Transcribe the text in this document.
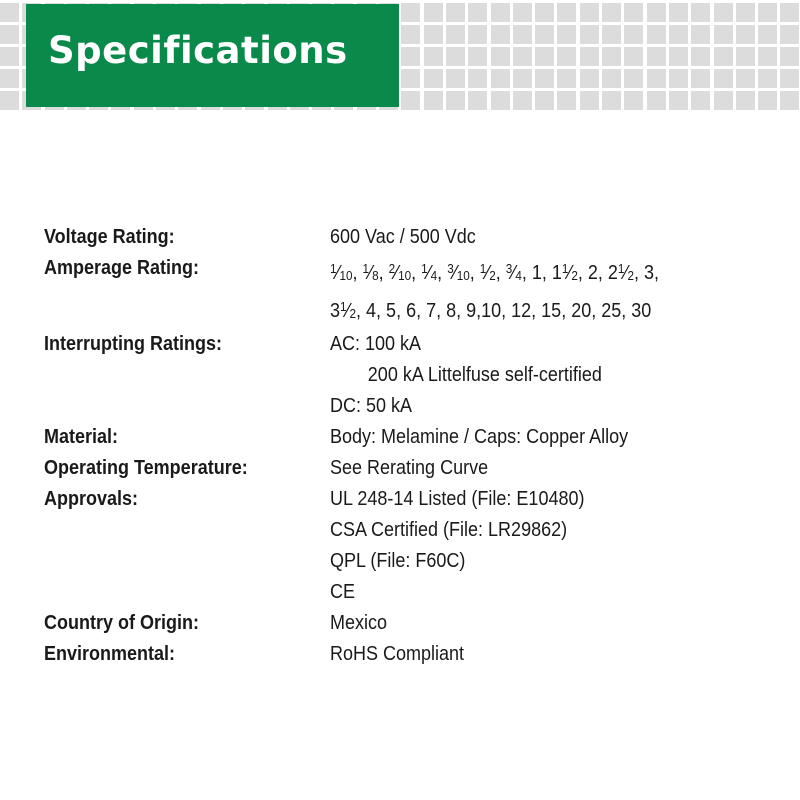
Specifications
Voltage Rating:	600 Vac / 500 Vdc
Amperage Rating:	$^1⁄_{10}$, $^1⁄_8$, $^2⁄_{10}$, $^1⁄_4$, $^3⁄_{10}$, $^1⁄_2$, $^3⁄_4$, 1, $1^1⁄_2$, 2, $2^1⁄_2$, 3,
$3^1⁄_2$, 4, 5, 6, 7, 8, 9,10, 12, 15, 20, 25, 30
Interrupting Ratings:	AC: 100 kA
200 kA Littelfuse self-certified
DC: 50 kA
Material:	Body: Melamine / Caps: Copper Alloy
Operating Temperature:	See Rerating Curve
Approvals:	UL 248-14 Listed (File: E10480)
CSA Certified (File: LR29862)
QPL (File: F60C)
CE
Country of Origin:	Mexico
Environmental:	RoHS Compliant
